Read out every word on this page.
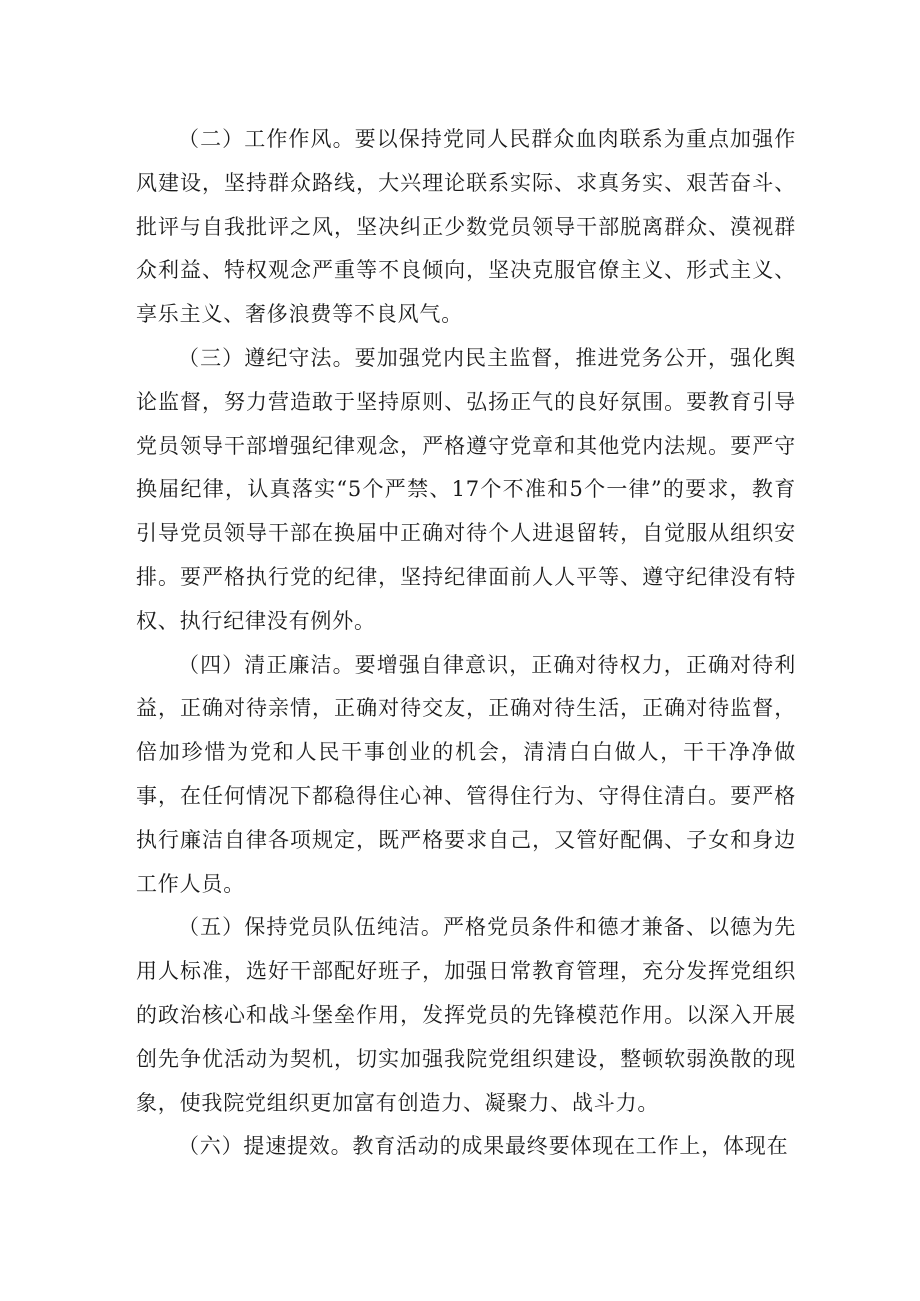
（二）工作作风。要以保持党同人民群众血肉联系为重点加强作风建设，坚持群众路线，大兴理论联系实际、求真务实、艰苦奋斗、批评与自我批评之风，坚决纠正少数党员领导干部脱离群众、漠视群众利益、特权观念严重等不良倾向，坚决克服官僚主义、形式主义、享乐主义、奢侈浪费等不良风气。

（三）遵纪守法。要加强党内民主监督，推进党务公开，强化舆论监督，努力营造敢于坚持原则、弘扬正气的良好氛围。要教育引导党员领导干部增强纪律观念，严格遵守党章和其他党内法规。要严守换届纪律，认真落实“5个严禁、17个不准和5个一律”的要求，教育引导党员领导干部在换届中正确对待个人进退留转，自觉服从组织安排。要严格执行党的纪律，坚持纪律面前人人平等、遵守纪律没有特权、执行纪律没有例外。

（四）清正廉洁。要增强自律意识，正确对待权力，正确对待利益，正确对待亲情，正确对待交友，正确对待生活，正确对待监督，倍加珍惜为党和人民干事创业的机会，清清白白做人，干干净净做事，在任何情况下都稳得住心神、管得住行为、守得住清白。要严格执行廉洁自律各项规定，既严格要求自己，又管好配偶、子女和身边工作人员。

（五）保持党员队伍纯洁。严格党员条件和德才兼备、以德为先用人标准，选好干部配好班子，加强日常教育管理，充分发挥党组织的政治核心和战斗堡垒作用，发挥党员的先锋模范作用。以深入开展创先争优活动为契机，切实加强我院党组织建设，整顿软弱涣散的现象，使我院党组织更加富有创造力、凝聚力、战斗力。

（六）提速提效。教育活动的成果最终要体现在工作上，体现在
